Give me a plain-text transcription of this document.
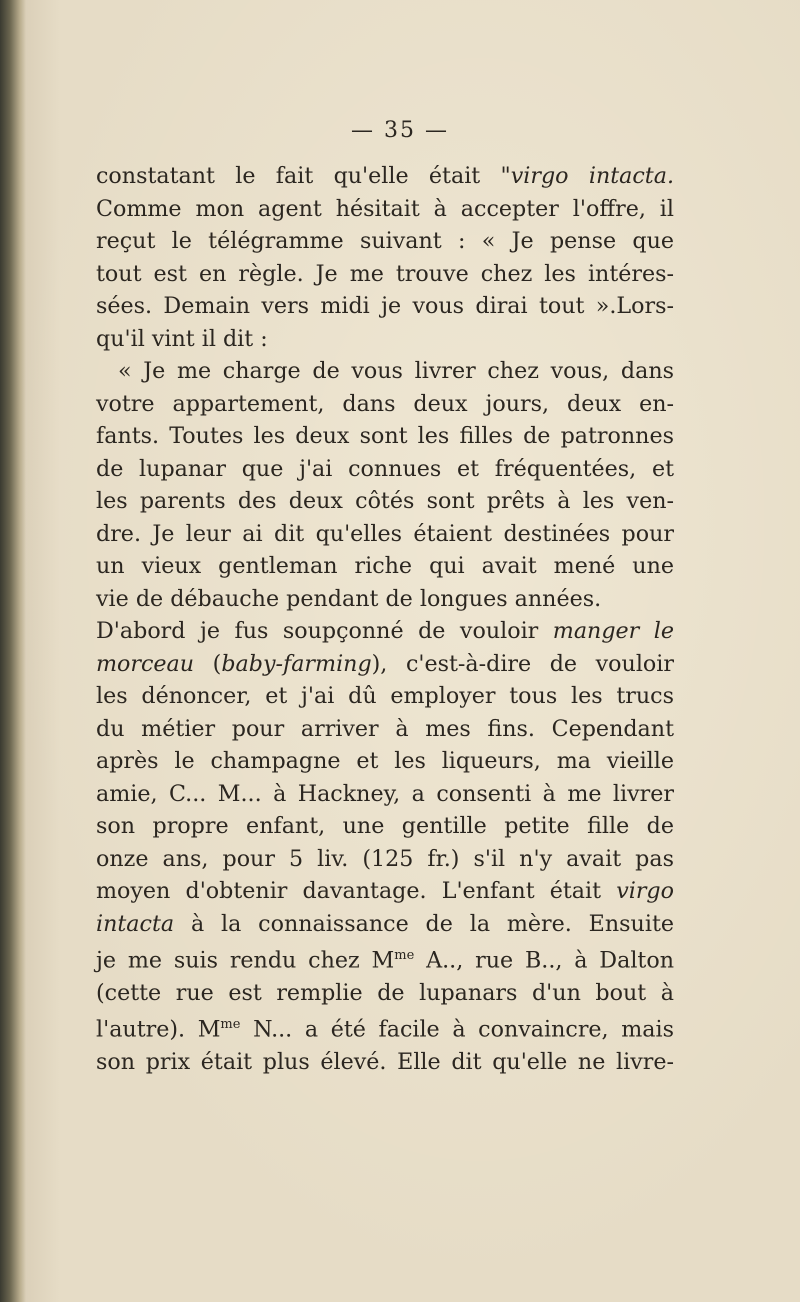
— 35 —
constatant le fait qu'elle était "virgo intacta.
Comme mon agent hésitait à accepter l'offre, il
reçut le télégramme suivant : « Je pense que
tout est en règle. Je me trouve chez les intéres-
sées. Demain vers midi je vous dirai tout ».Lors-
qu'il vint il dit :
« Je me charge de vous livrer chez vous, dans
votre appartement, dans deux jours, deux en-
fants. Toutes les deux sont les filles de patronnes
de lupanar que j'ai connues et fréquentées, et
les parents des deux côtés sont prêts à les ven-
dre. Je leur ai dit qu'elles étaient destinées pour
un vieux gentleman riche qui avait mené une
vie de débauche pendant de longues années.
D'abord je fus soupçonné de vouloir manger le
morceau (baby-farming), c'est-à-dire de vouloir
les dénoncer, et j'ai dû employer tous les trucs
du métier pour arriver à mes fins. Cependant
après le champagne et les liqueurs, ma vieille
amie, C... M... à Hackney, a consenti à me livrer
son propre enfant, une gentille petite fille de
onze ans, pour 5 liv. (125 fr.) s'il n'y avait pas
moyen d'obtenir davantage. L'enfant était virgo
intacta à la connaissance de la mère. Ensuite
je me suis rendu chez $M^{me}$ A.., rue B.., à Dalton
(cette rue est remplie de lupanars d'un bout à
l'autre). $M^{me}$ N... a été facile à convaincre, mais
son prix était plus élevé. Elle dit qu'elle ne livre-
